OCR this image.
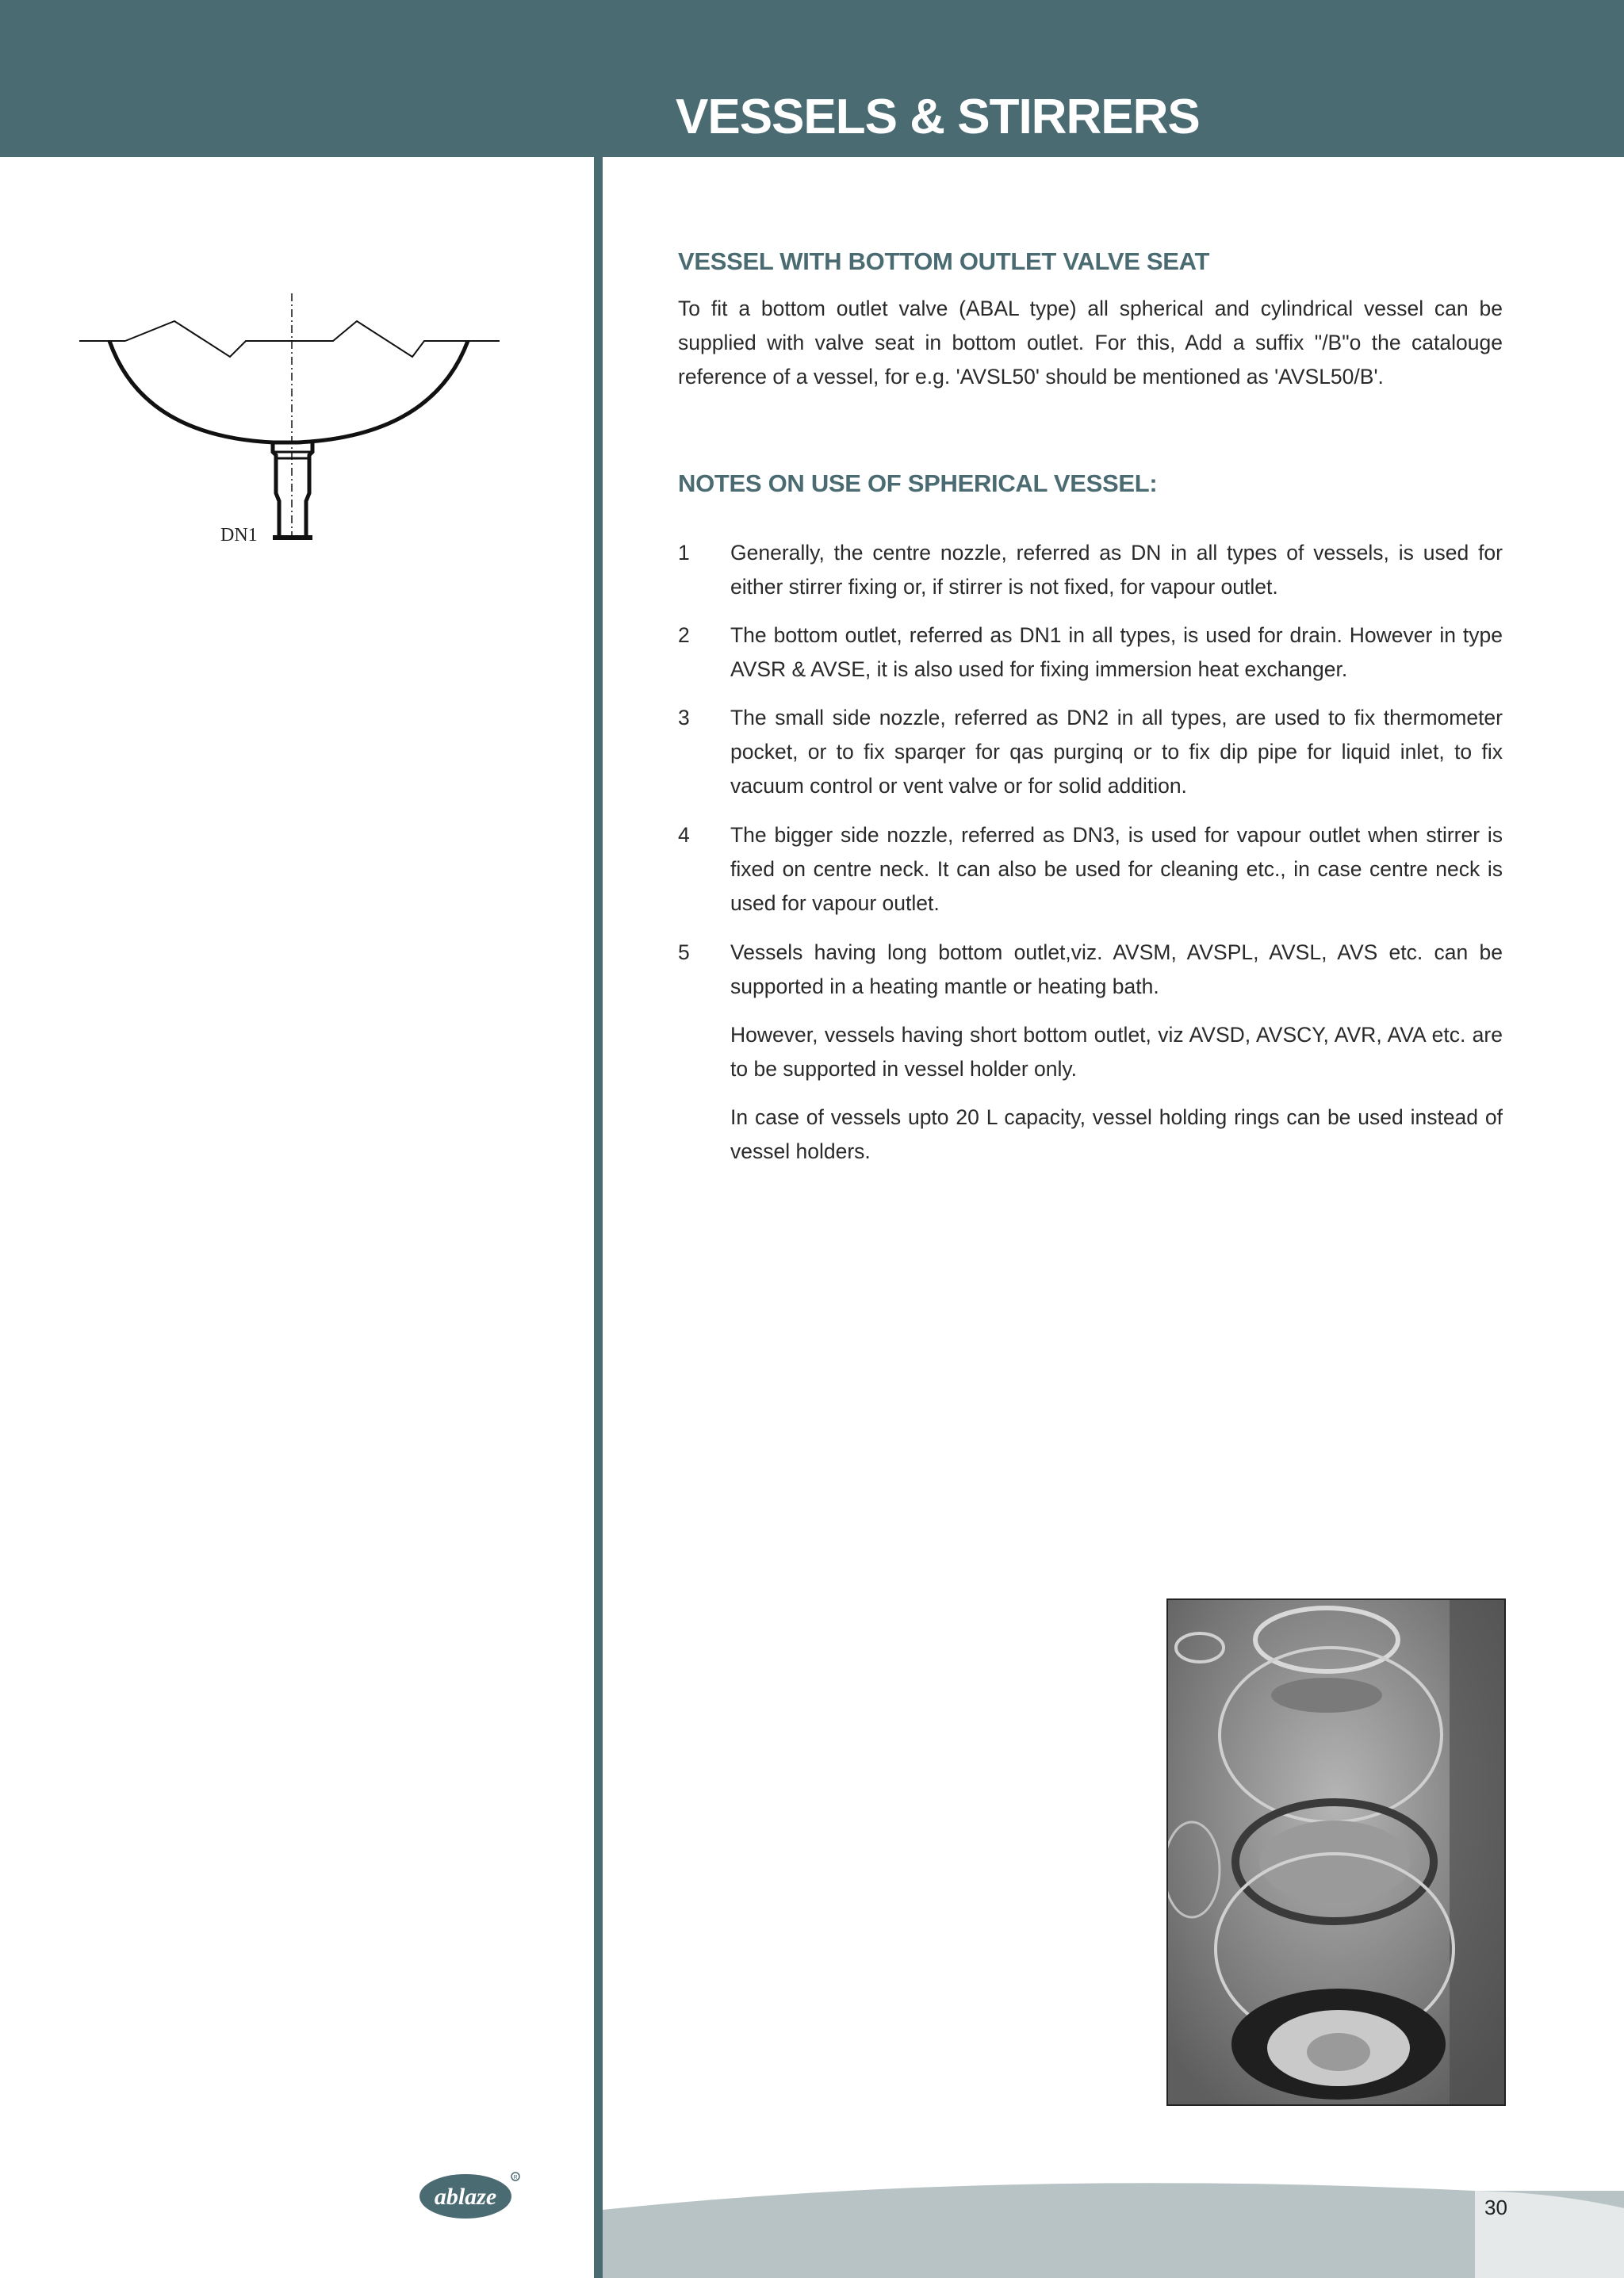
VESSELS & STIRRERS
DN1
VESSEL WITH BOTTOM OUTLET VALVE SEAT

To fit a bottom outlet valve (ABAL type) all spherical and cylindrical vessel can be supplied with valve seat in bottom outlet. For this, Add a suffix "/B"o the catalouge reference of a vessel, for e.g. 'AVSL50' should be mentioned as 'AVSL50/B'.

NOTES ON USE OF SPHERICAL VESSEL:
1 Generally, the centre nozzle, referred as DN in all types of vessels, is used for either stirrer fixing or, if stirrer is not fixed, for vapour outlet.

2 The bottom outlet, referred as DN1 in all types, is used for drain. However in type AVSR & AVSE, it is also used for fixing immersion heat exchanger.

3 The small side nozzle, referred as DN2 in all types, are used to fix thermometer pocket, or to fix sparqer for qas purginq or to fix dip pipe for liquid inlet, to fix vacuum control or vent valve or for solid addition.

4 The bigger side nozzle, referred as DN3, is used for vapour outlet when stirrer is fixed on centre neck. It can also be used for cleaning etc., in case centre neck is used for vapour outlet.

5 Vessels having long bottom outlet,viz. AVSM, AVSPL, AVSL, AVS etc. can be supported in a heating mantle or heating bath.

However, vessels having short bottom outlet, viz AVSD, AVSCY, AVR, AVA etc. are to be supported in vessel holder only.

In case of vessels upto 20 L capacity, vessel holding rings can be used instead of vessel holders.

ablaze
R
30
